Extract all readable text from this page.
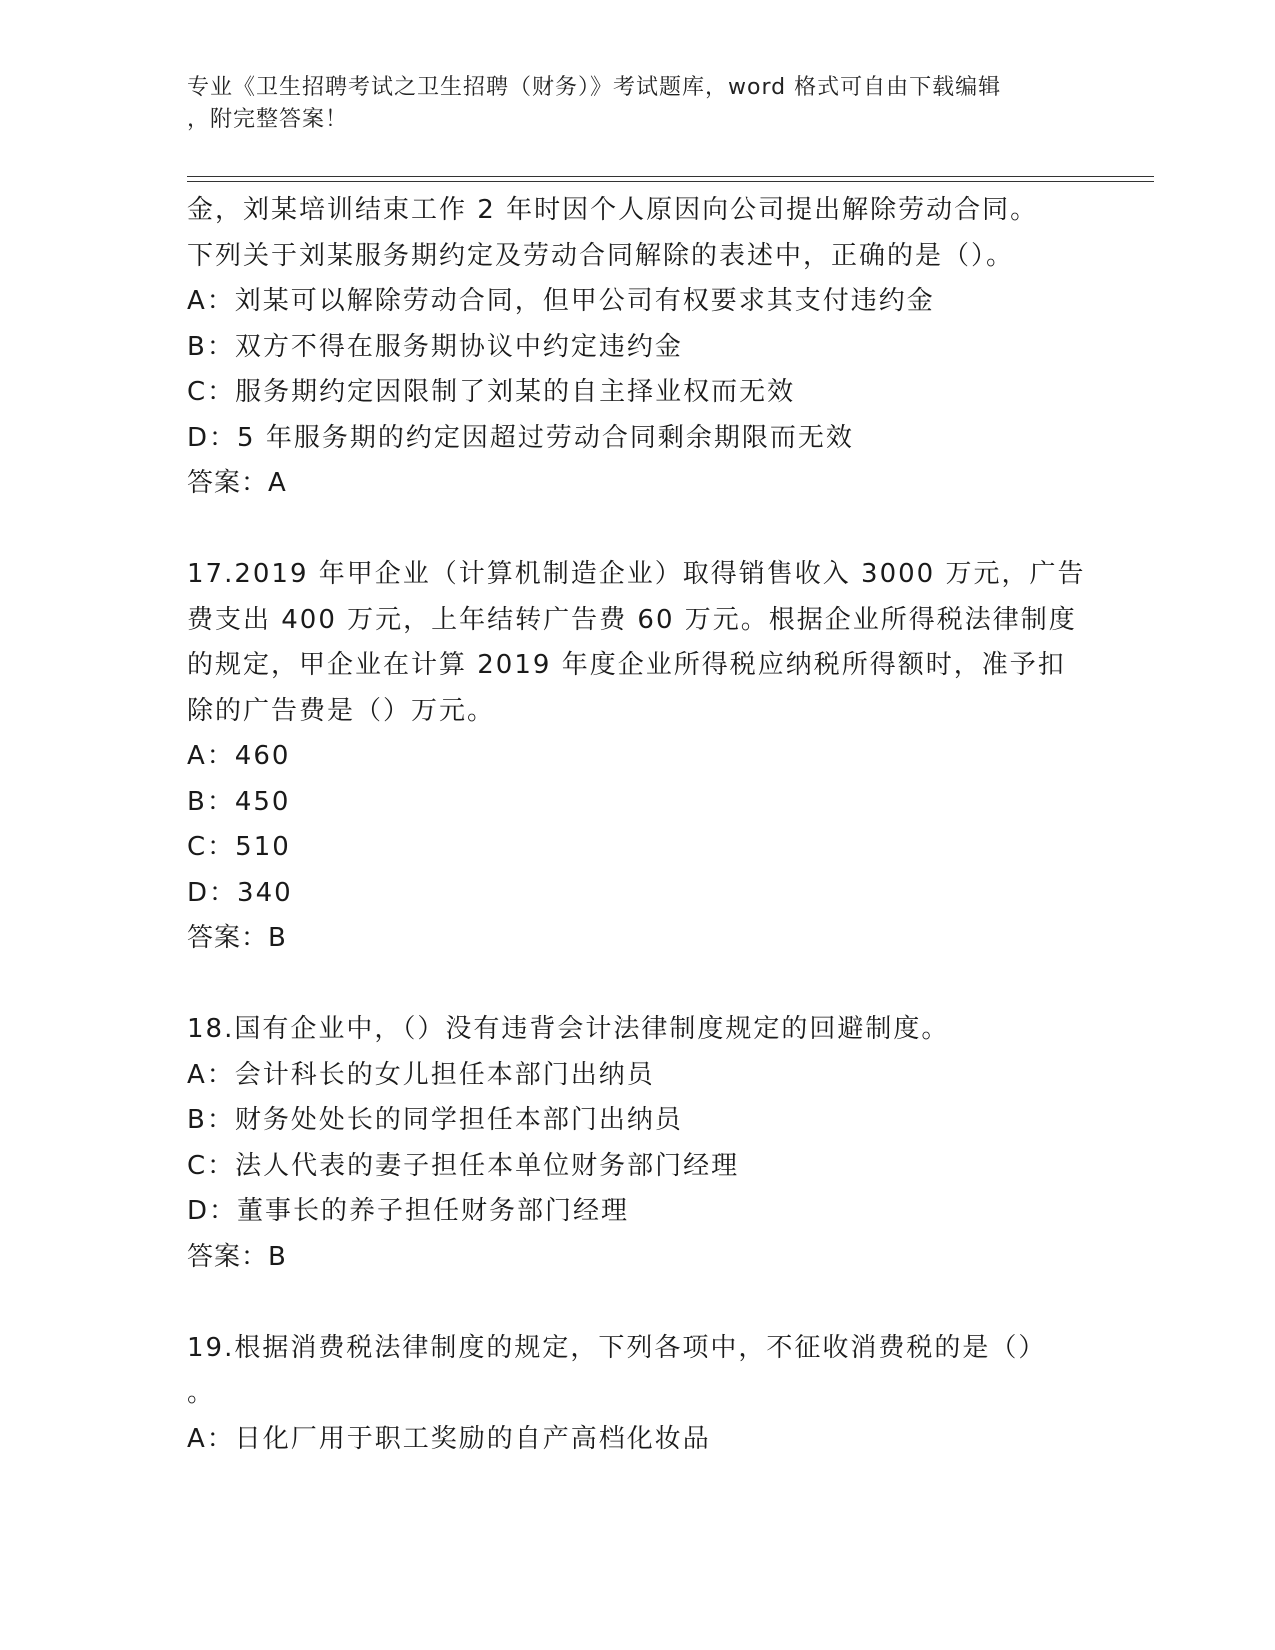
专业《卫生招聘考试之卫生招聘（财务）》考试题库，word 格式可自由下载编辑
，附完整答案！
金，刘某培训结束工作 2 年时因个人原因向公司提出解除劳动合同。
下列关于刘某服务期约定及劳动合同解除的表述中，正确的是（）。
A：刘某可以解除劳动合同，但甲公司有权要求其支付违约金
B：双方不得在服务期协议中约定违约金
C：服务期约定因限制了刘某的自主择业权而无效
D：5 年服务期的约定因超过劳动合同剩余期限而无效
答案：A
17.2019 年甲企业（计算机制造企业）取得销售收入 3000 万元，广告
费支出 400 万元，上年结转广告费 60 万元。根据企业所得税法律制度
的规定，甲企业在计算 2019 年度企业所得税应纳税所得额时，准予扣
除的广告费是（）万元。
A：460
B：450
C：510
D：340
答案：B
18.国有企业中，（）没有违背会计法律制度规定的回避制度。
A：会计科长的女儿担任本部门出纳员
B：财务处处长的同学担任本部门出纳员
C：法人代表的妻子担任本单位财务部门经理
D：董事长的养子担任财务部门经理
答案：B
19.根据消费税法律制度的规定，下列各项中，不征收消费税的是（）
。
A：日化厂用于职工奖励的自产高档化妆品
